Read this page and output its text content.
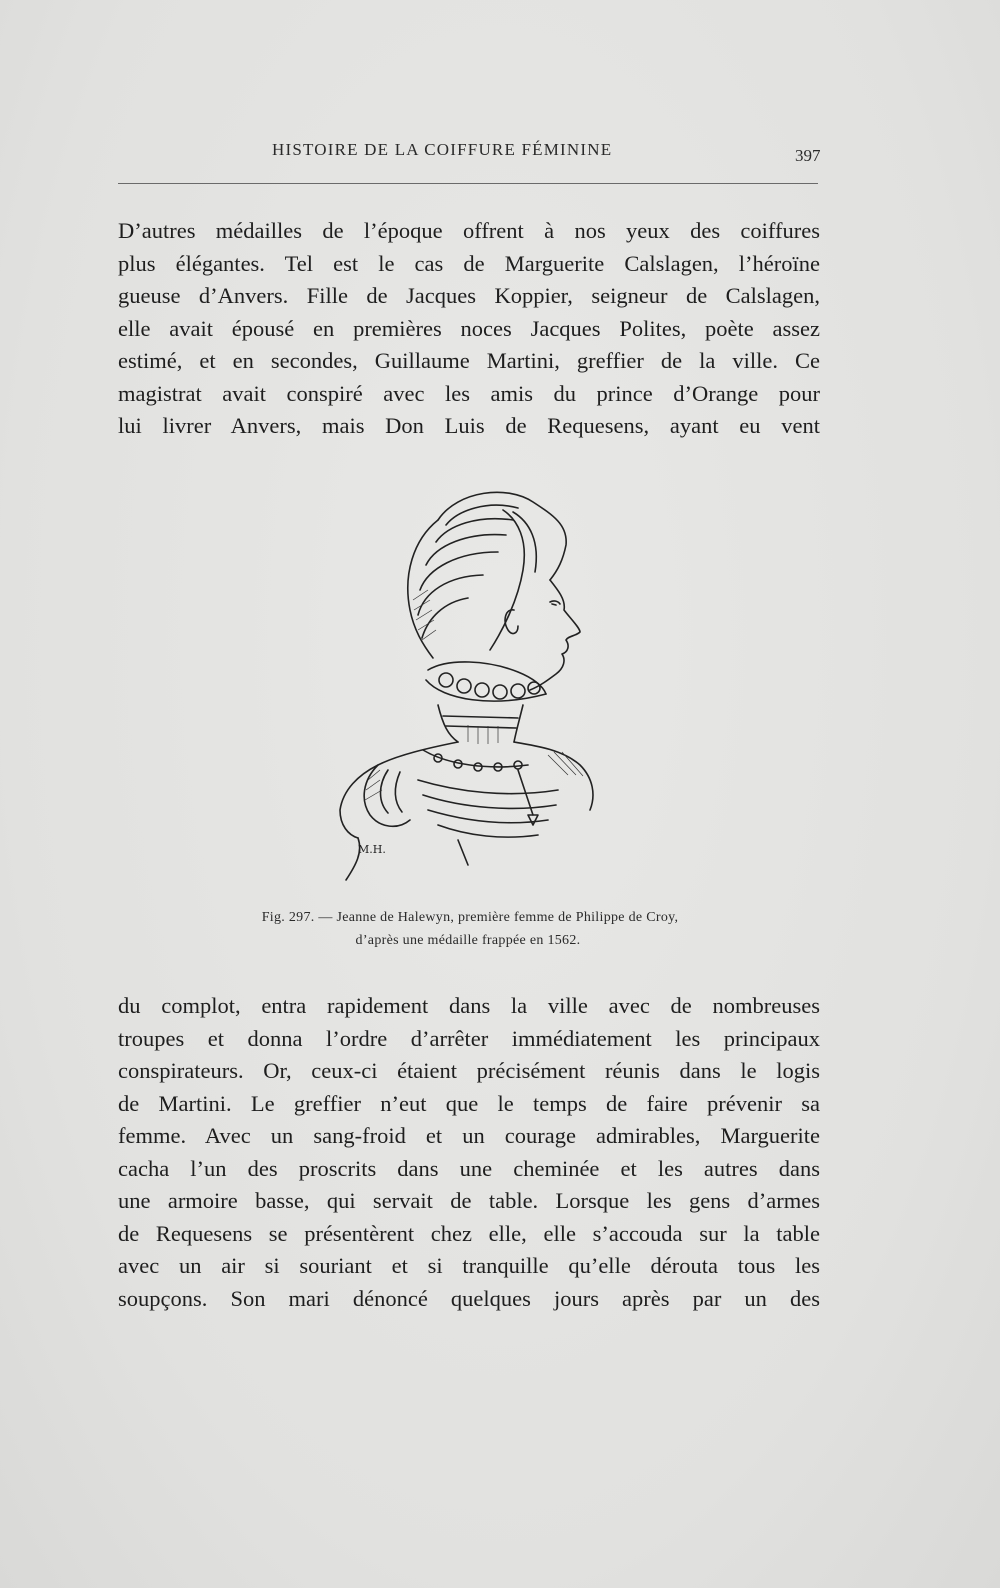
HISTOIRE DE LA COIFFURE FÉMININE	397
D’autres médailles de l’époque offrent à nos yeux des coiffures
plus élégantes. Tel est le cas de Marguerite Calslagen, l’héroïne
gueuse d’Anvers. Fille de Jacques Koppier, seigneur de Calslagen,
elle avait épousé en premières noces Jacques Polites, poète assez
estimé, et en secondes, Guillaume Martini, greffier de la ville. Ce
magistrat avait conspiré avec les amis du prince d’Orange pour
lui livrer Anvers, mais Don Luis de Requesens, ayant eu vent
M.H.
Fig. 297. — Jeanne de Halewyn, première femme de Philippe de Croy,
d’après une médaille frappée en 1562.
du complot, entra rapidement dans la ville avec de nombreuses
troupes et donna l’ordre d’arrêter immédiatement les principaux
conspirateurs. Or, ceux-ci étaient précisément réunis dans le logis
de Martini. Le greffier n’eut que le temps de faire prévenir sa
femme. Avec un sang-froid et un courage admirables, Marguerite
cacha l’un des proscrits dans une cheminée et les autres dans
une armoire basse, qui servait de table. Lorsque les gens d’armes
de Requesens se présentèrent chez elle, elle s’accouda sur la table
avec un air si souriant et si tranquille qu’elle dérouta tous les
soupçons. Son mari dénoncé quelques jours après par un des
